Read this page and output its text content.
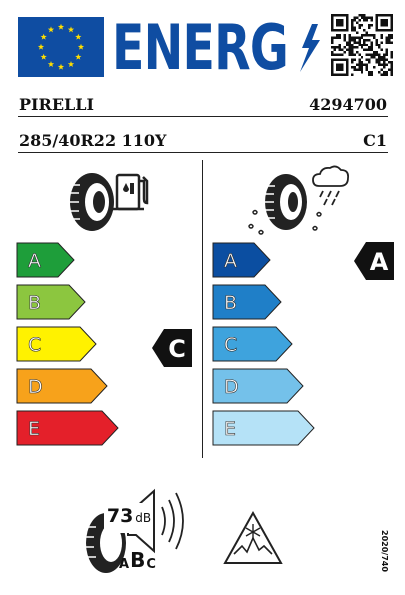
ENERG
PIRELLI	4294700
285/40R22 110Y	C1
A
B
C
D
E
C
A
B
C
D
E
A
73 dB
A B C	2020/740
